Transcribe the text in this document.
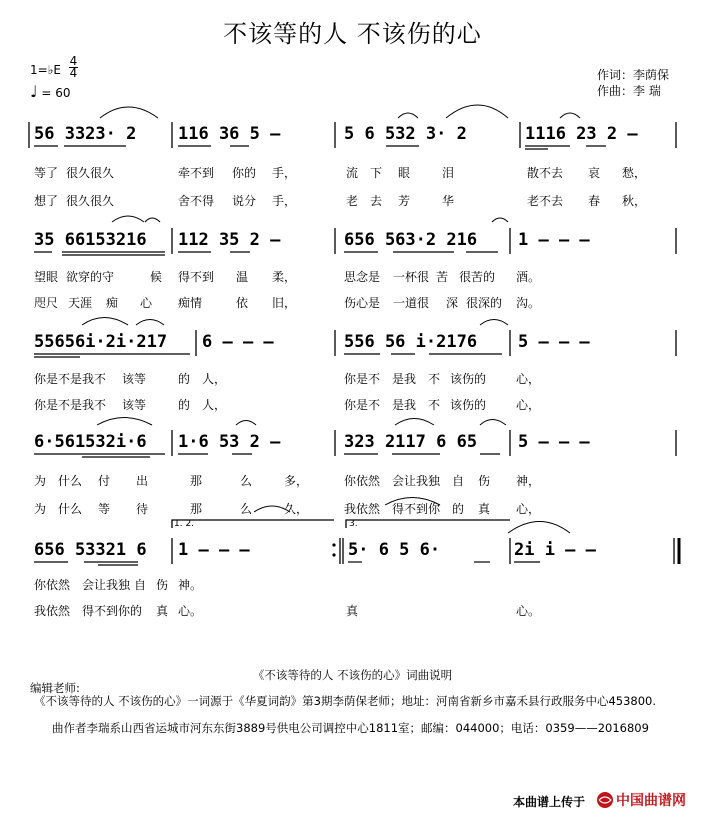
不该等的人 不该伤的心
1=♭E
4
4
♩ = 60
作词：李荫保
作曲：李 瑞
56 3323· 2 116 36 5 –	5 6 532 3· 2	1116 23 2 –
35 66153216 112 35 2 –	656 563·2 216 1 – – –
55656i·2i·217 6 – – –	556 56 i·2176 5 – – –
6·561532i·6 1·6 53 2 –	323 2117 6 65 5 – – –
656 53321 6 1 – – –	5· 6 5 6·	2i i – –
1. 2.	3.
等了 很久很久	牵不到 你的 手，	流 下 眼	泪	散不去 哀 愁，
想了 很久很久	舍不得 说分 手，	老 去 芳	华	老不去 春 秋，
望眼 欲穿的守	候 得不到 温 柔，	思念是 一杯很 苦 很苦的 酒。
咫尺 天涯 痴 心 痴情	依 旧，	伤心是 一道很 深 很深的 沟。
你是不是我不 该等	的 人，	你是不 是我 不 该伤的 心，
你是不是我不 该等	的 人，	你是不 是我 不 该伤的 心，
为 什么 付 出	那	么	多，	你依然 会让我独 自 伤 神，
为 什么 等 待	那	么	久，	我依然 得不到你 的 真 心，
你依然 会让我独 自 伤 神。
我依然 得不到你的 真 心。	真	心。
《不该等待的人 不该伤的心》词曲说明
编辑老师:
《不该等待的人 不该伤的心》一词源于《华夏词韵》第3期李荫保老师；地址：河南省新乡市嘉禾县行政服务中心453800.
曲作者李瑞系山西省运城市河东东街3889号供电公司调控中心1811室；邮编：044000；电话：0359——2016809
本曲谱上传于 中国曲谱网
